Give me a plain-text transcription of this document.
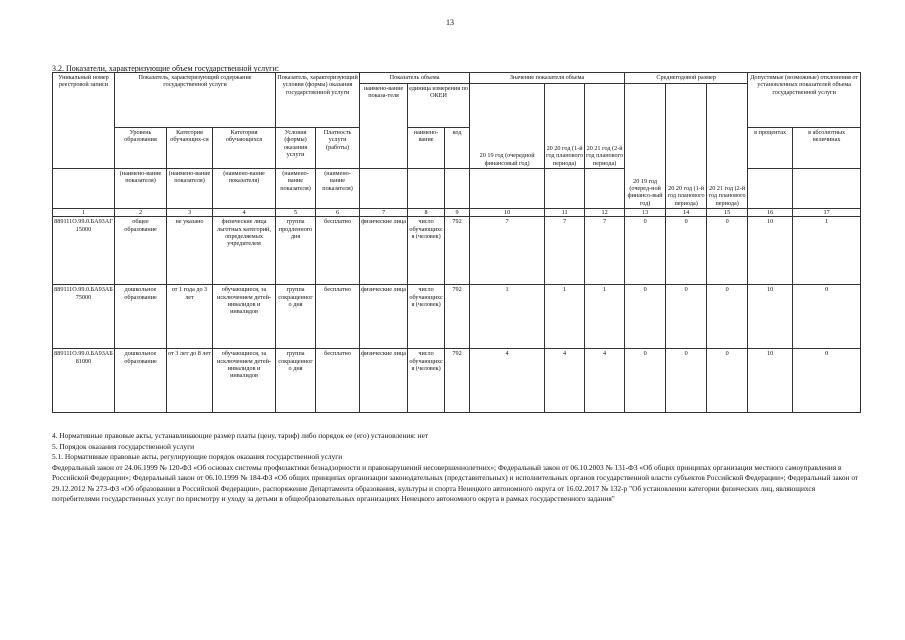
13
3.2. Показатели, характеризующие объем государственной услуги:
Уникальный номер реестровой записи	Показатель, характеризующий содержание государственной услуги			Показатель, характеризующий условия (формы) оказания государственной услуги		Показатель объема			Значение показателя объема			Среднегодовой размер			Допустимые (возможные) отклонения от установленных показателей объема государственной услуги	
						наимено-вание показа-теля	единица измерения по ОКЕИ		20 19 год (очередной финансовый год)	20 20 год (1-й год планового периода)	20 21 год (2-й год планового периода)	20 19 год (очеред-ной финансо-вый год)	20 20 год (1-й год планового периода)	20 21 год (2-й год планового периода)		
	Уровень образования	Категория обучающих-ся	Категория обучающихся	Условия (формы) оказания услуги	Платность услуги (работы)		наимено-вание	код							в процентах	в абсолютных величинах
	(наимено-вание показателя)	(наимено-вание показателя)	(наимено-вание показателя)	(наимено-вание показателя)	(наимено-вание показателя)											
1	2	3	4	5	6	7	8	9	10	11	12	13	14	15	16	17
889111О.99.0.БА93АГ15000	общее образование	не указано	физические лица льготных категорий, определяемых учредителем	группа продленного дня	бесплатно	физические лица	число обучающихся (человек)	792	7	7	7	0	0	0	10	1
889111О.99.0.БА93АБ75000	дошкольное образование	от 1 года до 3 лет	обучающиеся, за исключением детей-инвалидов и инвалидов	группа сокращенного дня	бесплатно	физические лица	число обучающихся (человек)	792	1	1	1	0	0	0	10	0
889111О.99.0.БА93АБ81000	дошкольное образование	от 3 лет до 8 лет	обучающиеся, за исключением детей-инвалидов и инвалидов	группа сокращенного дня	бесплатно	физические лица	число обучающихся (человек)	792	4	4	4	0	0	0	10	0

4. Нормативные правовые акты, устанавливающие размер платы (цену, тариф) либо порядок ее (его) установления: нет

5. Порядок оказания государственной услуги

5.1. Нормативные правовые акты, регулирующие порядок оказания государственной услуги

Федеральный закон от 24.06.1999 № 120-ФЗ «Об основах системы профилактики безнадзорности и правонарушений несовершеннолетних»; Федеральный закон от 06.10.2003 № 131-ФЗ «Об общих принципах организации местного самоуправления в Российской Федерации»; Федеральный закон от 06.10.1999 № 184-ФЗ «Об общих принципах организации законодательных (представительных) и исполнительных органов государственной власти субъектов Российской Федерации»; Федеральный закон от 29.12.2012 № 273-ФЗ «Об образовании в Российской Федерации», распоряжение Департамента образования, культуры и спорта Ненецкого автономного округа от 16.02.2017 № 132-р "Об установлении категории физических лиц, являющихся потребителями государственных услуг по присмотру и уходу за детьми в общеобразовательных организациях Ненецкого автономного округа в рамках государственного задания"
